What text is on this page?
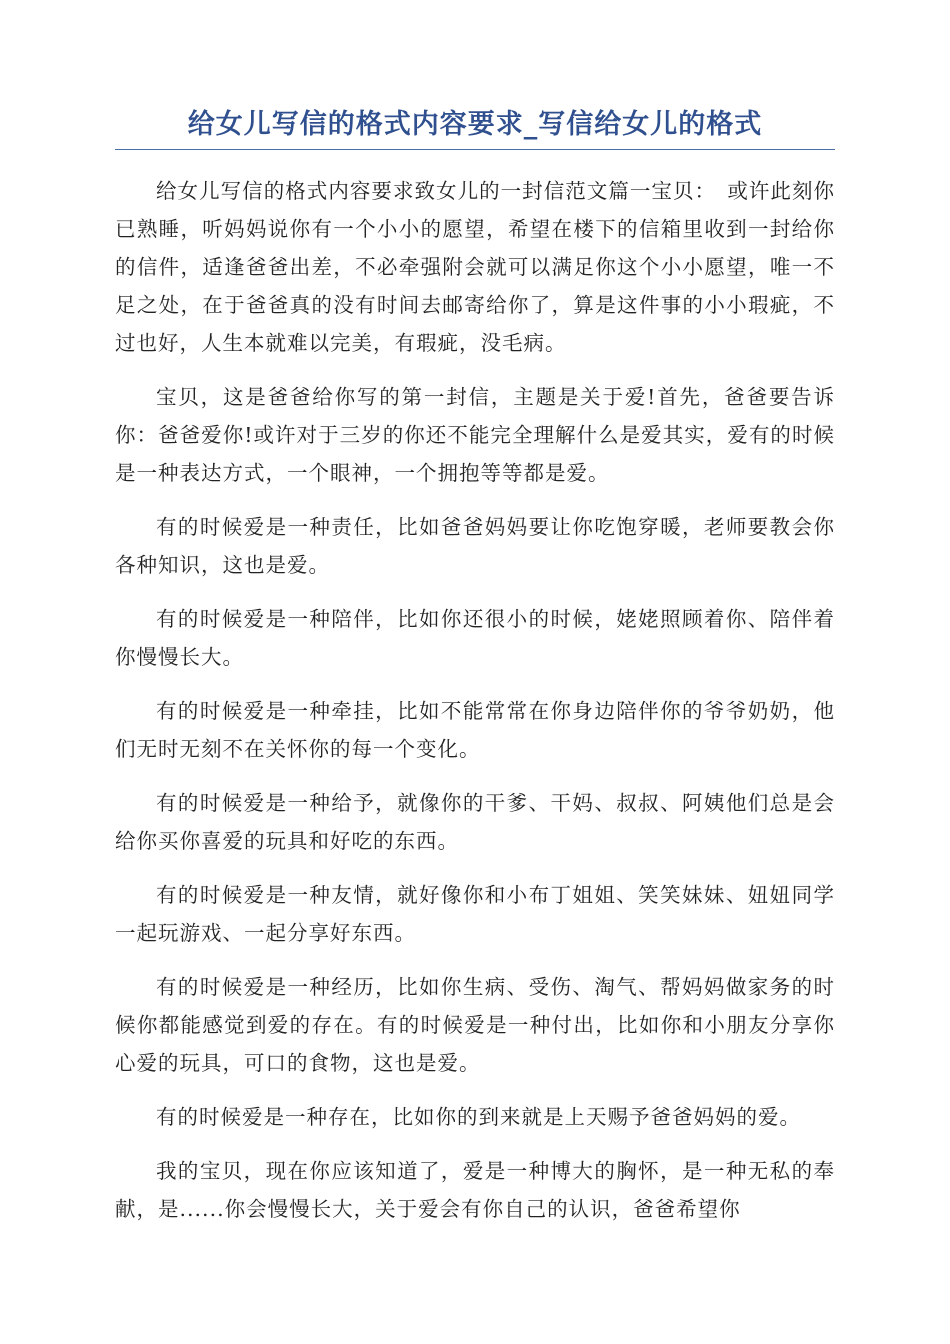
给女儿写信的格式内容要求_写信给女儿的格式

给女儿写信的格式内容要求致女儿的一封信范文篇一宝贝：　或许此刻你已熟睡，听妈妈说你有一个小小的愿望，希望在楼下的信箱里收到一封给你的信件，适逢爸爸出差，不必牵强附会就可以满足你这个小小愿望，唯一不足之处，在于爸爸真的没有时间去邮寄给你了，算是这件事的小小瑕疵，不过也好，人生本就难以完美，有瑕疵，没毛病。

宝贝，这是爸爸给你写的第一封信，主题是关于爱!首先，爸爸要告诉你：爸爸爱你!或许对于三岁的你还不能完全理解什么是爱其实，爱有的时候是一种表达方式，一个眼神，一个拥抱等等都是爱。

有的时候爱是一种责任，比如爸爸妈妈要让你吃饱穿暖，老师要教会你各种知识，这也是爱。

有的时候爱是一种陪伴，比如你还很小的时候，姥姥照顾着你、陪伴着你慢慢长大。

有的时候爱是一种牵挂，比如不能常常在你身边陪伴你的爷爷奶奶，他们无时无刻不在关怀你的每一个变化。

有的时候爱是一种给予，就像你的干爹、干妈、叔叔、阿姨他们总是会给你买你喜爱的玩具和好吃的东西。

有的时候爱是一种友情，就好像你和小布丁姐姐、笑笑妹妹、妞妞同学一起玩游戏、一起分享好东西。

有的时候爱是一种经历，比如你生病、受伤、淘气、帮妈妈做家务的时候你都能感觉到爱的存在。有的时候爱是一种付出，比如你和小朋友分享你心爱的玩具，可口的食物，这也是爱。

有的时候爱是一种存在，比如你的到来就是上天赐予爸爸妈妈的爱。

我的宝贝，现在你应该知道了，爱是一种博大的胸怀，是一种无私的奉献，是......你会慢慢长大，关于爱会有你自己的认识，爸爸希望你
